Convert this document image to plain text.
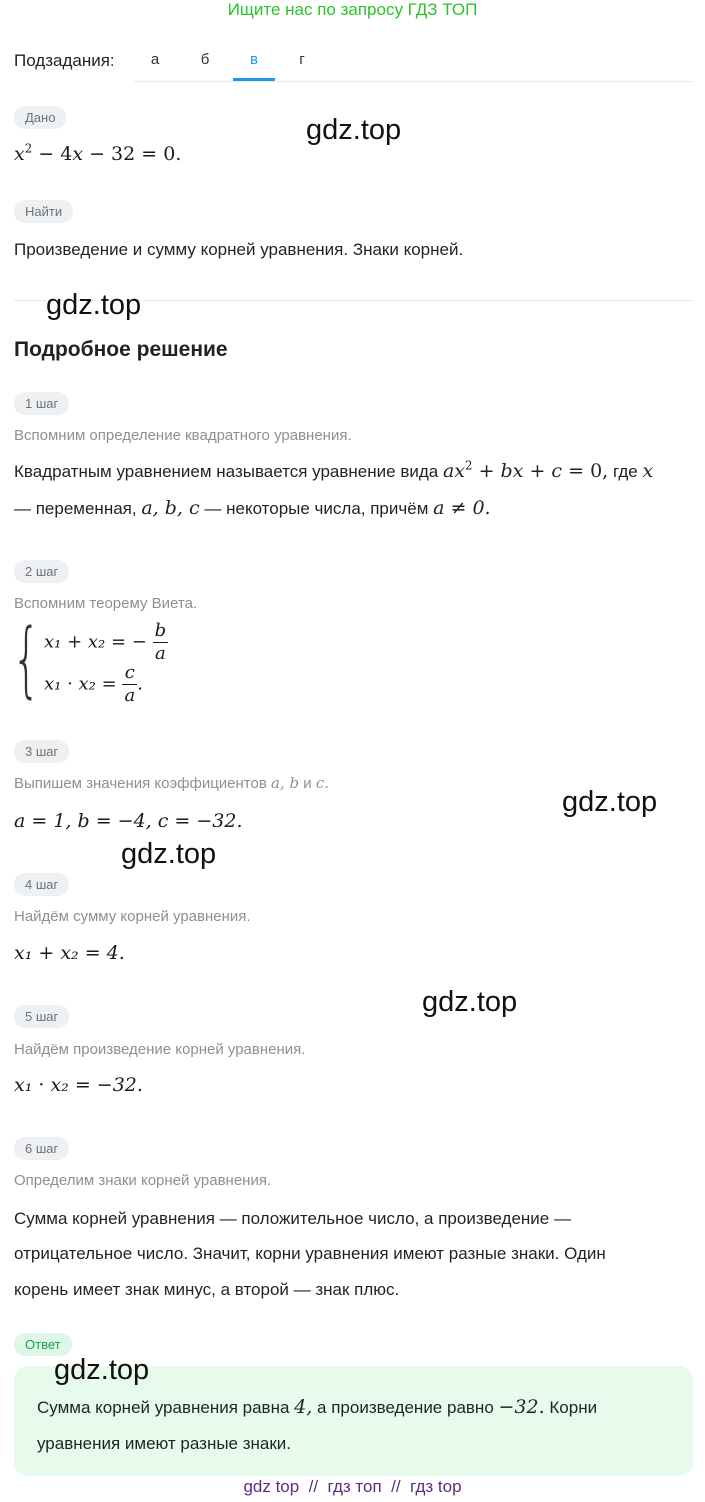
Ищите нас по запросу ГДЗ ТОП
Подзадания:	а	б	в	г
Дано
$x^2 - 4x - 32 = 0$.
Найти
Произведение и сумму корней уравнения. Знаки корней.
Подробное решение
1 шаг
Вспомним определение квадратного уравнения.
Квадратным уравнением называется уравнение вида $ax^2$ + bx + c = 0, где x
— переменная, a, b, c — некоторые числа, причём a ≠ 0.
2 шаг
Вспомним теорему Виета.
{ x₁ + x₂ = − $\frac{b}{a}$
$x_1 \cdot x_2 = \frac{c}{a}$ .
3 шаг
Выпишем значения коэффициентов a, b и c.
a = 1, b = −4, c = −32.
4 шаг
Найдём сумму корней уравнения.
x₁ + x₂ = 4.
5 шаг
Найдём произведение корней уравнения.
x₁ · x₂ = −32.
6 шаг
Определим знаки корней уравнения.
Сумма корней уравнения — положительное число, а произведение —
отрицательное число. Значит, корни уравнения имеют разные знаки. Один
корень имеет знак минус, а второй — знак плюс.
Ответ
Сумма корней уравнения равна 4, а произведение равно −32. Корни
уравнения имеют разные знаки.
gdz.top
gdz.top
gdz.top
gdz.top
gdz.top
gdz.top
gdz top  //  гдз топ  //  гдз top
